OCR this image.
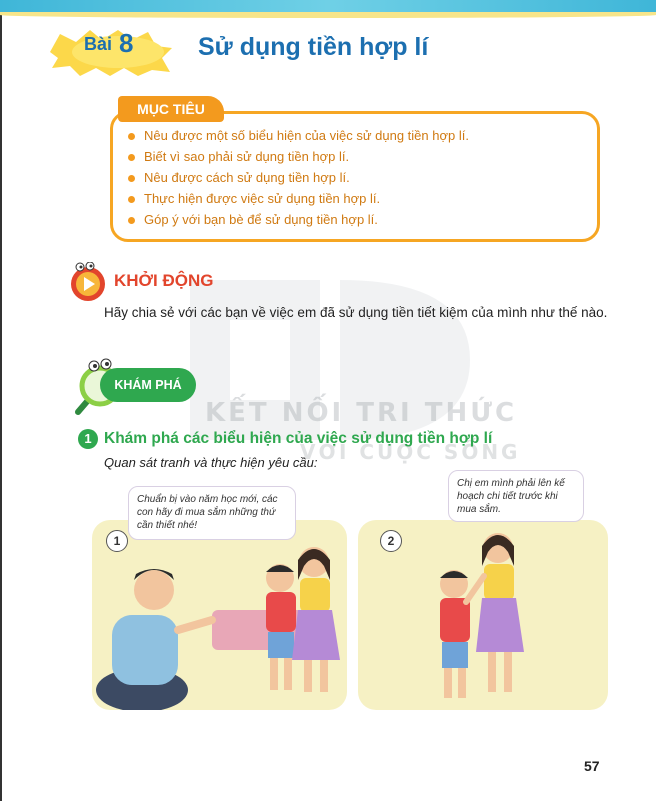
KẾT NỐI TRI THỨC
VỚI CUỘC SỐNG
Bài 8	Sử dụng tiền hợp lí
MỤC TIÊU
Nêu được một số biểu hiện của việc sử dụng tiền hợp lí.
Biết vì sao phải sử dụng tiền hợp lí.
Nêu được cách sử dụng tiền hợp lí.
Thực hiện được việc sử dụng tiền hợp lí.
Góp ý với bạn bè để sử dụng tiền hợp lí.
KHỞI ĐỘNG

Hãy chia sẻ với các bạn về việc em đã sử dụng tiền tiết kiệm của mình như thế nào.

KHÁM PHÁ
1 Khám phá các biểu hiện của việc sử dụng tiền hợp lí
Quan sát tranh và thực hiện yêu cầu:
1
Chuẩn bị vào năm học mới, các con hãy đi mua sắm những thứ cần thiết nhé!
2
Chị em mình phải lên kế hoạch chi tiết trước khi mua sắm.
57
